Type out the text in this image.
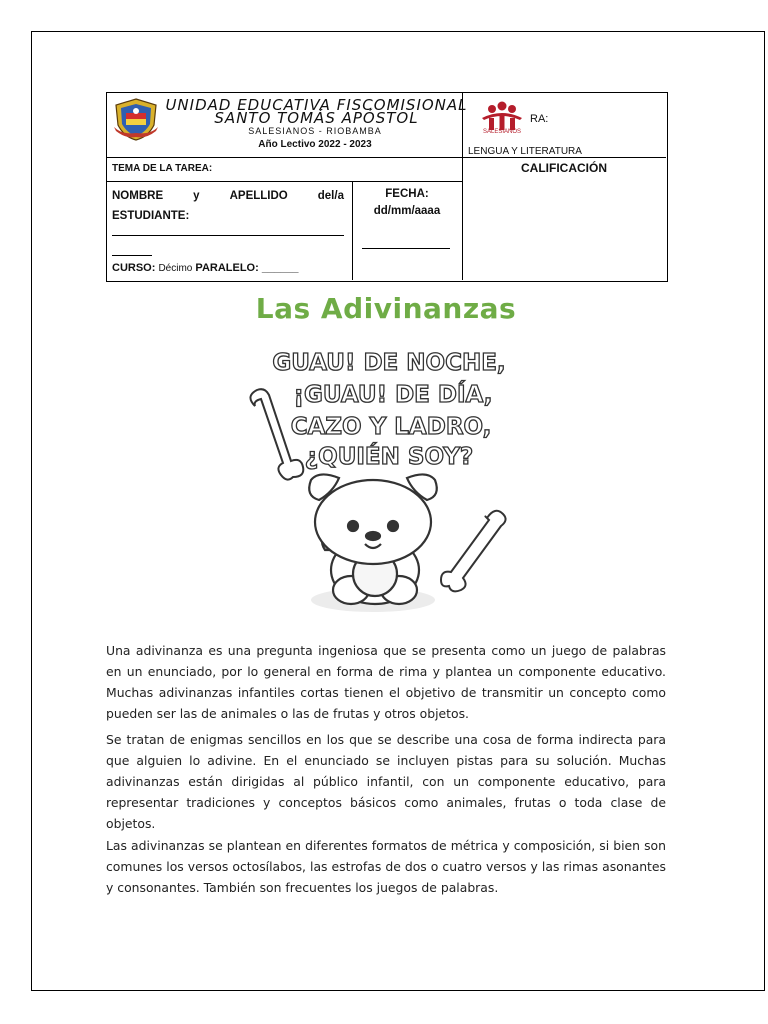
UNIDAD EDUCATIVA FISCOMISIONAL
SANTO TOMÁS APÓSTOL
SALESIANOS - RIOBAMBA
Año Lectivo 2022 - 2023
SALESIANOS
RA:
LENGUA Y LITERATURA
TEMA DE LA TAREA:	CALIFICACIÓN
NOMBRE	y	APELLIDO	del/a
ESTUDIANTE:
FECHA:
dd/mm/aaaa
CURSO: Décimo PARALELO: ______
Las Adivinanzas
GUAU! DE NOCHE,
¡GUAU! DE DÍA,
CAZO Y LADRO,
¿QUIÉN SOY?
Una adivinanza es una pregunta ingeniosa que se presenta como un juego de palabras en un enunciado, por lo general en forma de rima y plantea un componente educativo. Muchas adivinanzas infantiles cortas tienen el objetivo de transmitir un concepto como pueden ser las de animales o las de frutas y otros objetos.
Se tratan de enigmas sencillos en los que se describe una cosa de forma indirecta para que alguien lo adivine. En el enunciado se incluyen pistas para su solución. Muchas adivinanzas están dirigidas al público infantil, con un componente educativo, para representar tradiciones y conceptos básicos como animales, frutas o toda clase de objetos.
Las adivinanzas se plantean en diferentes formatos de métrica y composición, si bien son comunes los versos octosílabos, las estrofas de dos o cuatro versos y las rimas asonantes y consonantes. También son frecuentes los juegos de palabras.
